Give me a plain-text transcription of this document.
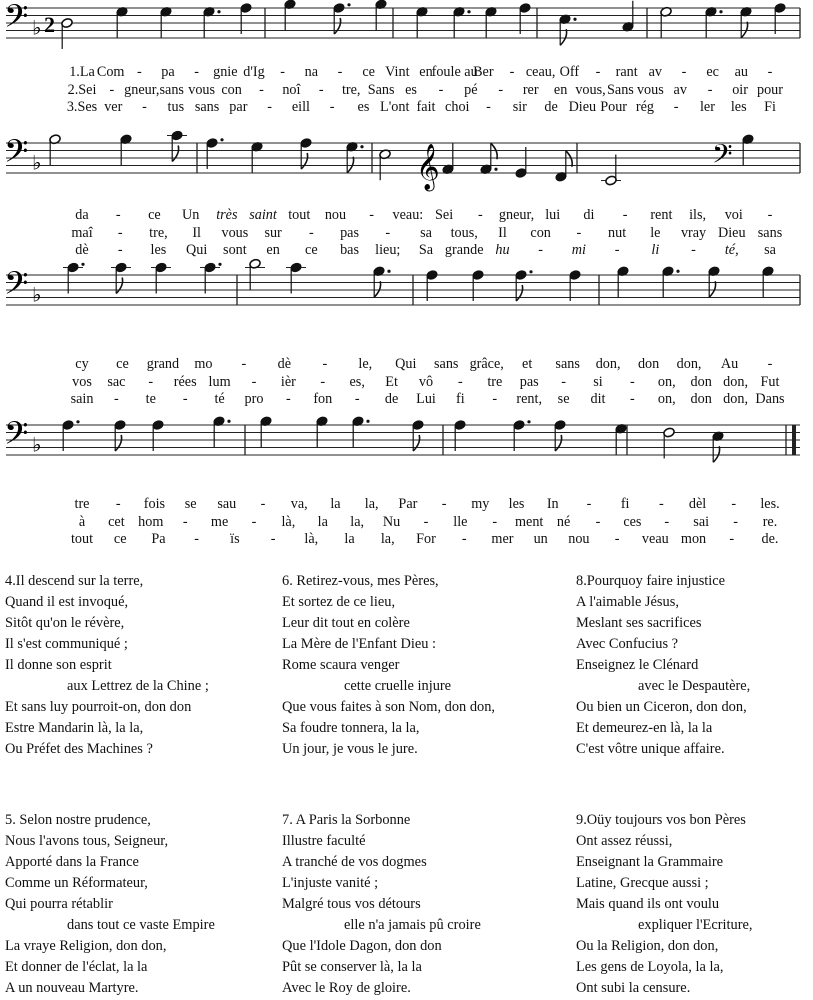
𝄢 ♭ 2
𝄢 ♭	𝄞	𝄢
𝄢 ♭
𝄢 ♭
1.La Com - pa - gnie d'Ig - na - ce Vint en
foule au
Ber - ceau, Off - rant av - ec au -
2.Sei - gneur, sans vous con - noî - tre, Sans es - pé - rer en vous, Sans vous av - oir pour
3.Ses ver - tus sans par - eill - es L'ont fait choi - sir de Dieu Pour rég - ler les Fi
da - ce Un très saint tout nou - veau: Sei - gneur, lui di - rent ils, voi -
maî - tre, Il vous sur - pas - sa tous, Il con - nut le vray Dieu sans
dè - les Qui sont en ce bas lieu; Sa grande hu - mi - li - té, sa
cy ce grand mo - dè - le, Qui sans grâce, et sans don, don don, Au -
vos sac - rées lum - ièr - es, Et vô - tre pas - si - on, don don, Fut
sain - te - té pro - fon - de Lui fi - rent, se dit - on, don don, Dans
tre - fois se sau - va, la la, Par - my les In - fi - dèl - les.
à cet hom - me - là, la la, Nu - lle - ment né - ces - sai - re.
tout ce Pa - ïs - là, la la, For - mer un nou - veau mon - de.
4.Il descend sur la terre,
Quand il est invoqué,
Sitôt qu'on le révère,
Il s'est communiqué ;
Il donne son esprit
aux Lettrez de la Chine ;
Et sans luy pourroit-on, don don
Estre Mandarin là, la la,
Ou Préfet des Machines ?
6. Retirez-vous, mes Pères,
Et sortez de ce lieu,
Leur dit tout en colère
La Mère de l'Enfant Dieu :
Rome scaura venger
cette cruelle injure
Que vous faites à son Nom, don don,
Sa foudre tonnera, la la,
Un jour, je vous le jure.
8.Pourquoy faire injustice
A l'aimable Jésus,
Meslant ses sacrifices
Avec Confucius ?
Enseignez le Clénard
avec le Despautère,
Ou bien un Ciceron, don don,
Et demeurez-en là, la la
C'est vôtre unique affaire.
5. Selon nostre prudence,
Nous l'avons tous, Seigneur,
Apporté dans la France
Comme un Réformateur,
Qui pourra rétablir
dans tout ce vaste Empire
La vraye Religion, don don,
Et donner de l'éclat, la la
A un nouveau Martyre.
7. A Paris la Sorbonne
Illustre faculté
A tranché de vos dogmes
L'injuste vanité ;
Malgré tous vos détours
elle n'a jamais pû croire
Que l'Idole Dagon, don don
Pût se conserver là, la la
Avec le Roy de gloire.
9.Oüy toujours vos bon Pères
Ont assez réussi,
Enseignant la Grammaire
Latine, Grecque aussi ;
Mais quand ils ont voulu
expliquer l'Ecriture,
Ou la Religion, don don,
Les gens de Loyola, la la,
Ont subi la censure.
